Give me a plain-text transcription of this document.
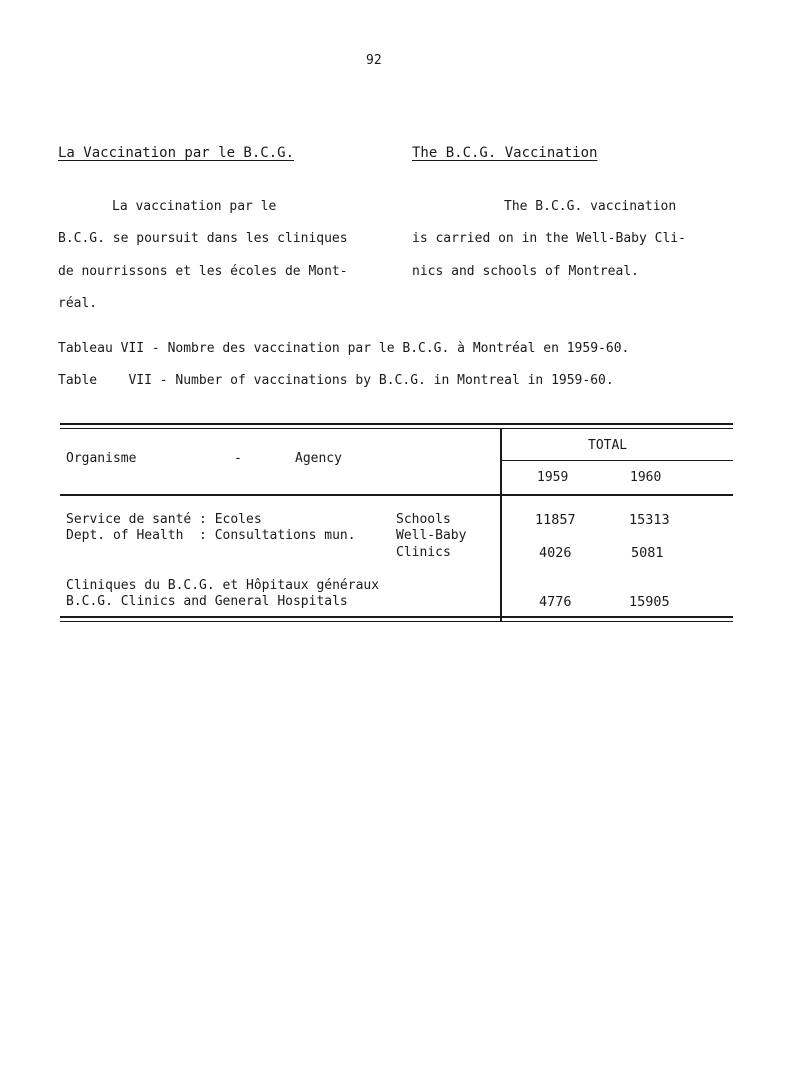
92
La Vaccination par le B.C.G.	The B.C.G. Vaccination
La vaccination par le
B.C.G. se poursuit dans les cliniques
de nourrissons et les écoles de Mont-
réal.
The B.C.G. vaccination
is carried on in the Well-Baby Cli-
nics and schools of Montreal.
Tableau VII - Nombre des vaccination par le B.C.G. à Montréal en 1959-60.
Table    VII - Number of vaccinations by B.C.G. in Montreal in 1959-60.
Organisme	-	Agency
TOTAL
1959	1960
Service de santé : Ecoles	Schools	11857	15313
Dept. of Health  : Consultations mun.	Well-Baby
Clinics	4026	5081
Cliniques du B.C.G. et Hôpitaux généraux
B.C.G. Clinics and General Hospitals	4776	15905
